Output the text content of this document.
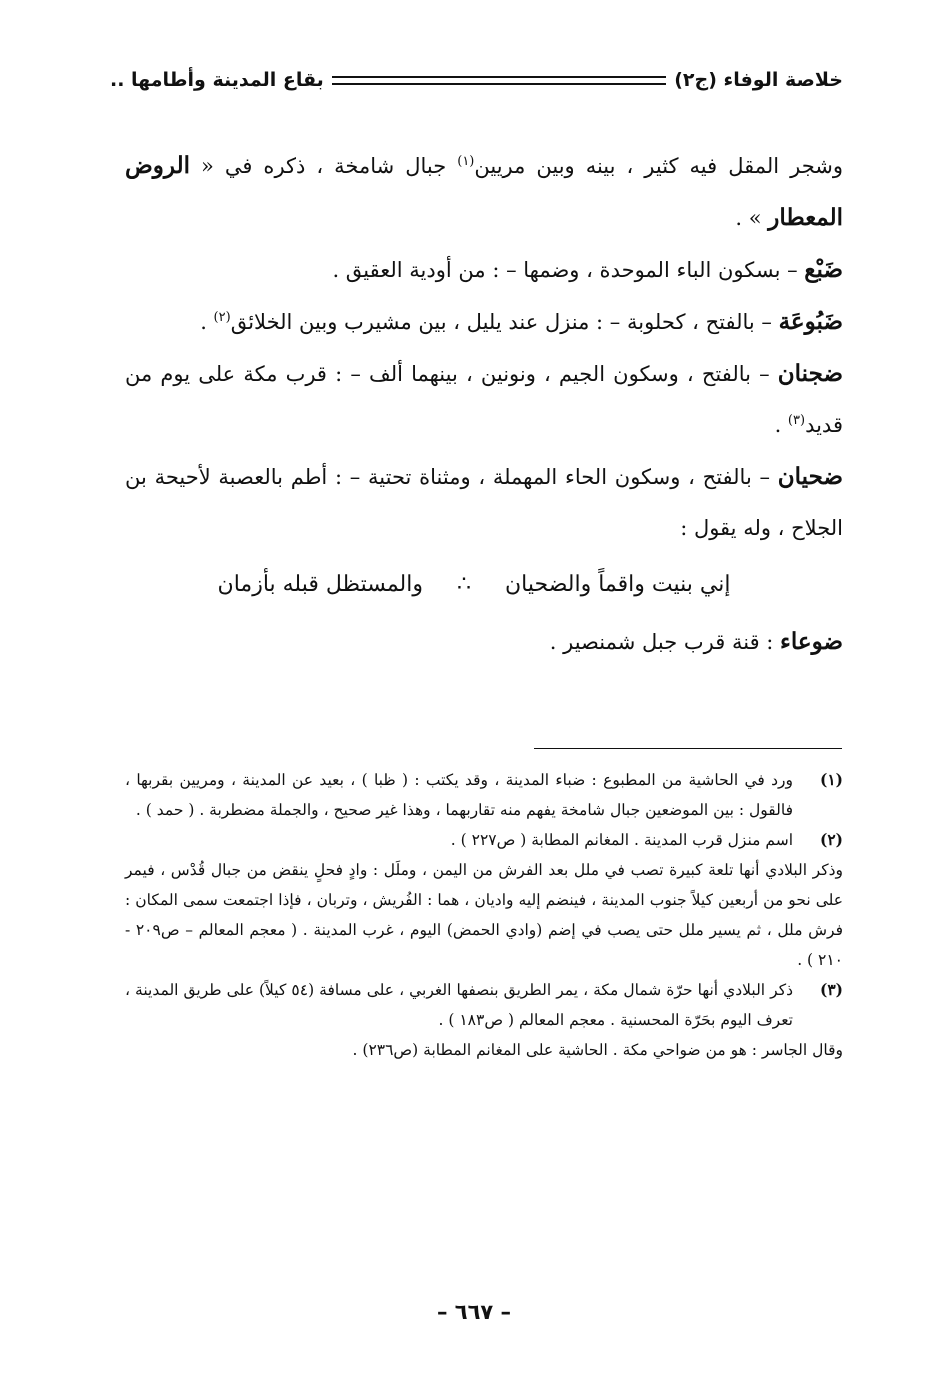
خلاصة الوفاء (ج٢)
بقاع المدينة وأطامها ..

وشجر المقل فيه كثير ، بينه وبين مريين$^{(١)}$ جبال شامخة ، ذكره في « الروض المعطار » .

ضَبْع – بسكون الباء الموحدة ، وضمها – : من أودية العقيق .

ضَبُوعَة – بالفتح ، كحلوبة – : منزل عند يليل ، بين مشيرب وبين الخلائق$^{(٢)}$ .

ضجنان – بالفتح ، وسكون الجيم ، ونونين ، بينهما ألف – : قرب مكة على يوم من قديد$^{(٣)}$ .

ضحيان – بالفتح ، وسكون الحاء المهملة ، ومثناة تحتية – : أطم بالعصبة لأحيحة بن الجلاح ، وله يقول :

إني بنيت واقماً والضحيان
∴
والمستظل قبله بأزمان

ضوعاء : قنة قرب جبل شمنصير .

(١)

ورد في الحاشية من المطبوع : ضباء المدينة ، وقد يكتب : ( ظبا ) ، بعيد عن المدينة ، ومريين بقربها ، فالقول : بين الموضعين جبال شامخة يفهم منه تقاربهما ، وهذا غير صحيح ، والجملة مضطربة . ( حمد ) .

(٢)

اسم منزل قرب المدينة . المغانم المطابة ( ص٢٢٧ ) .

وذكر البلادي أنها تلعة كبيرة تصب في ملل بعد الفرش من اليمن ، وملَل : وادٍ فحلٍ ينقض من جبال قُدْس ، فيمر على نحو من أربعين كيلاً جنوب المدينة ، فينضم إليه واديان ، هما : الفُريش ، وتربان ، فإذا اجتمعت سمى المكان : فرش ملل ، ثم يسير ملل حتى يصب في إضم (وادي الحمض) اليوم ، غرب المدينة . ( معجم المعالم – ص٢٠٩ - ٢١٠ ) .

(٣)

ذكر البلادي أنها حرّة شمال مكة ، يمر الطريق بنصفها الغربي ، على مسافة (٥٤ كيلاً) على طريق المدينة ، تعرف اليوم بحَرّة المحسنية . معجم المعالم ( ص١٨٣ ) .

وقال الجاسر : هو من ضواحي مكة . الحاشية على المغانم المطابة (ص٢٣٦) .

– ٦٦٧ –
